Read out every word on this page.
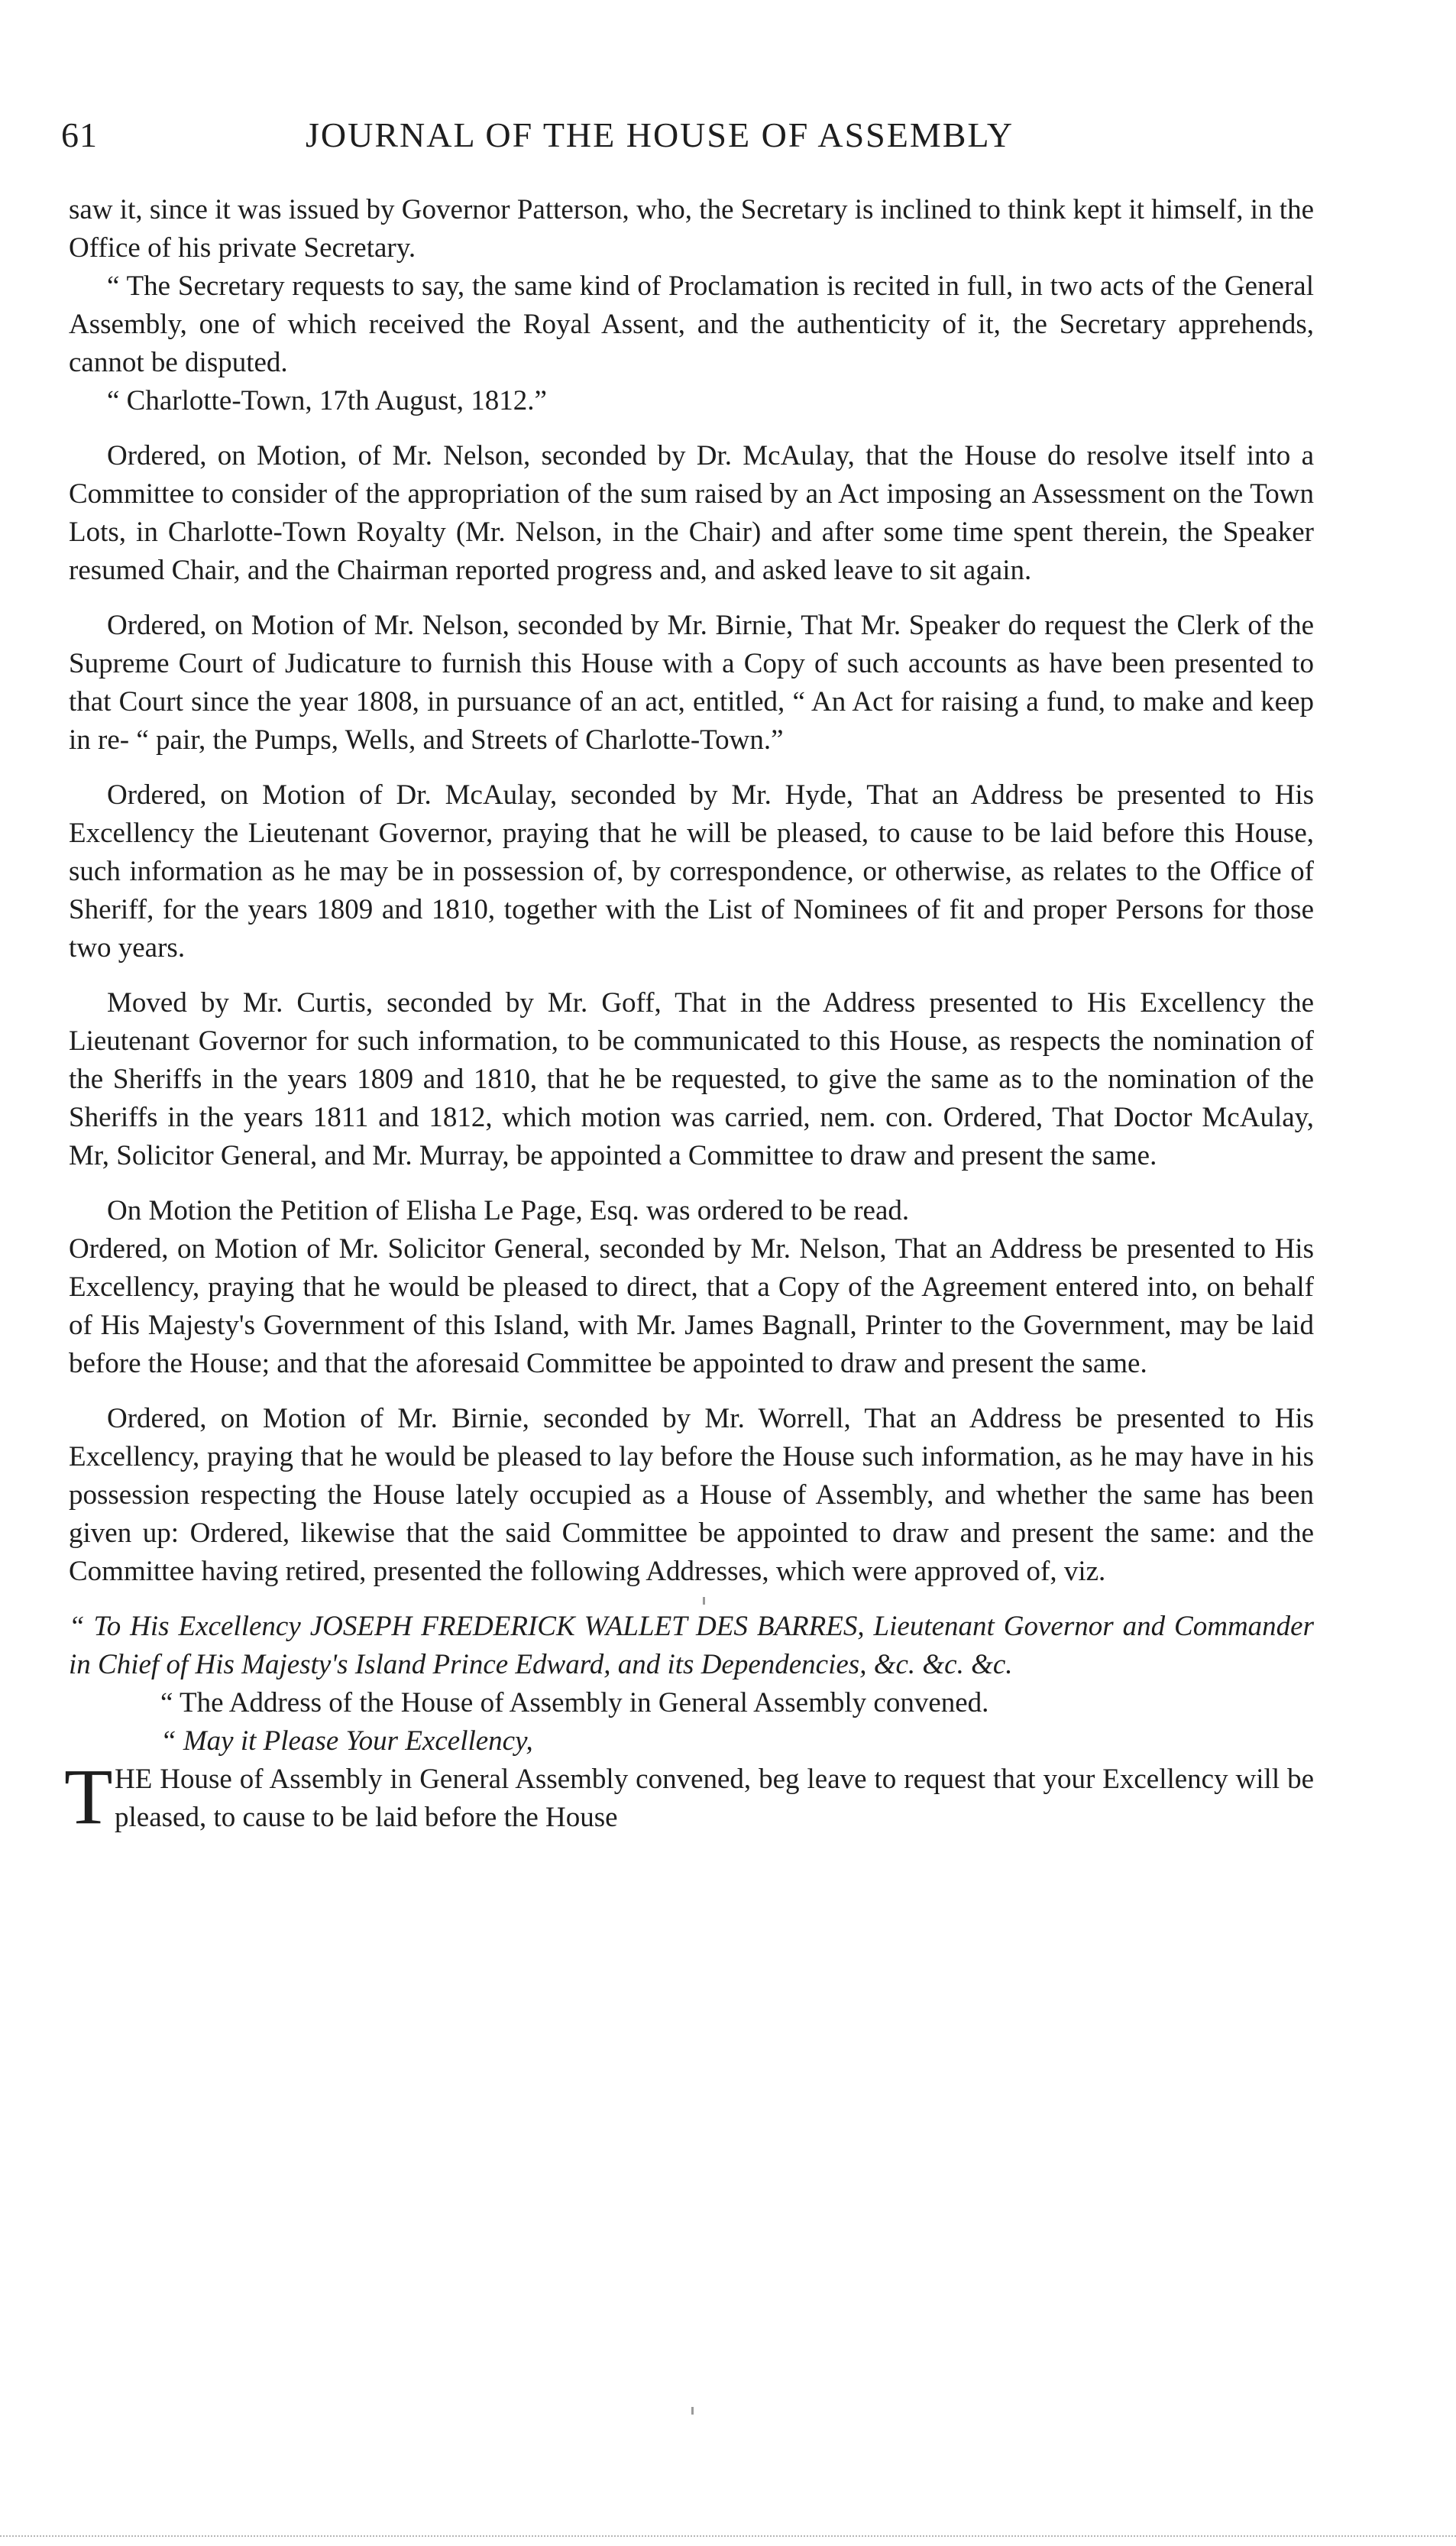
61	JOURNAL OF THE HOUSE OF ASSEMBLY

saw it, since it was issued by Governor Patterson, who, the Secretary is inclined to think kept it himself, in the Office of his private Secretary.

“ The Secretary requests to say, the same kind of Proclamation is recited in full, in two acts of the General Assembly, one of which received the Royal Assent, and the authenticity of it, the Secretary apprehends, cannot be disputed.

“ Charlotte-Town, 17th August, 1812.”

Ordered, on Motion, of Mr. Nelson, seconded by Dr. McAulay, that the House do resolve itself into a Committee to consider of the appropriation of the sum raised by an Act imposing an Assessment on the Town Lots, in Charlotte-Town Royalty (Mr. Nelson, in the Chair) and after some time spent therein, the Speaker resumed Chair, and the Chairman reported progress and, and asked leave to sit again.

Ordered, on Motion of Mr. Nelson, seconded by Mr. Birnie, That Mr. Speaker do request the Clerk of the Supreme Court of Judicature to furnish this House with a Copy of such accounts as have been presented to that Court since the year 1808, in pursuance of an act, entitled, “ An Act for raising a fund, to make and keep in re- “ pair, the Pumps, Wells, and Streets of Charlotte-Town.”

Ordered, on Motion of Dr. McAulay, seconded by Mr. Hyde, That an Address be presented to His Excellency the Lieutenant Governor, praying that he will be pleased, to cause to be laid before this House, such information as he may be in possession of, by correspondence, or otherwise, as relates to the Office of Sheriff, for the years 1809 and 1810, together with the List of Nominees of fit and proper Persons for those two years.

Moved by Mr. Curtis, seconded by Mr. Goff, That in the Address presented to His Excellency the Lieutenant Governor for such information, to be communicated to this House, as respects the nomination of the Sheriffs in the years 1809 and 1810, that he be requested, to give the same as to the nomination of the Sheriffs in the years 1811 and 1812, which motion was carried, nem. con. Ordered, That Doctor McAulay, Mr, Solicitor General, and Mr. Murray, be appointed a Committee to draw and present the same.

On Motion the Petition of Elisha Le Page, Esq. was ordered to be read.

Ordered, on Motion of Mr. Solicitor General, seconded by Mr. Nelson, That an Address be presented to His Excellency, praying that he would be pleased to direct, that a Copy of the Agreement entered into, on behalf of His Majesty's Government of this Island, with Mr. James Bagnall, Printer to the Government, may be laid before the House; and that the aforesaid Committee be appointed to draw and present the same.

Ordered, on Motion of Mr. Birnie, seconded by Mr. Worrell, That an Address be presented to His Excellency, praying that he would be pleased to lay before the House such information, as he may have in his possession respecting the House lately occupied as a House of Assembly, and whether the same has been given up: Ordered, likewise that the said Committee be appointed to draw and present the same: and the Committee having retired, presented the following Addresses, which were approved of, viz.

“ To His Excellency JOSEPH FREDERICK WALLET DES BARRES, Lieutenant Governor and Commander in Chief of His Majesty's Island Prince Edward, and its Dependencies, &c. &c. &c.

“ The Address of the House of Assembly in General Assembly convened.

“ May it Please Your Excellency,

T HE House of Assembly in General Assembly convened, beg leave to request that your Excellency will be pleased, to cause to be laid before the House
